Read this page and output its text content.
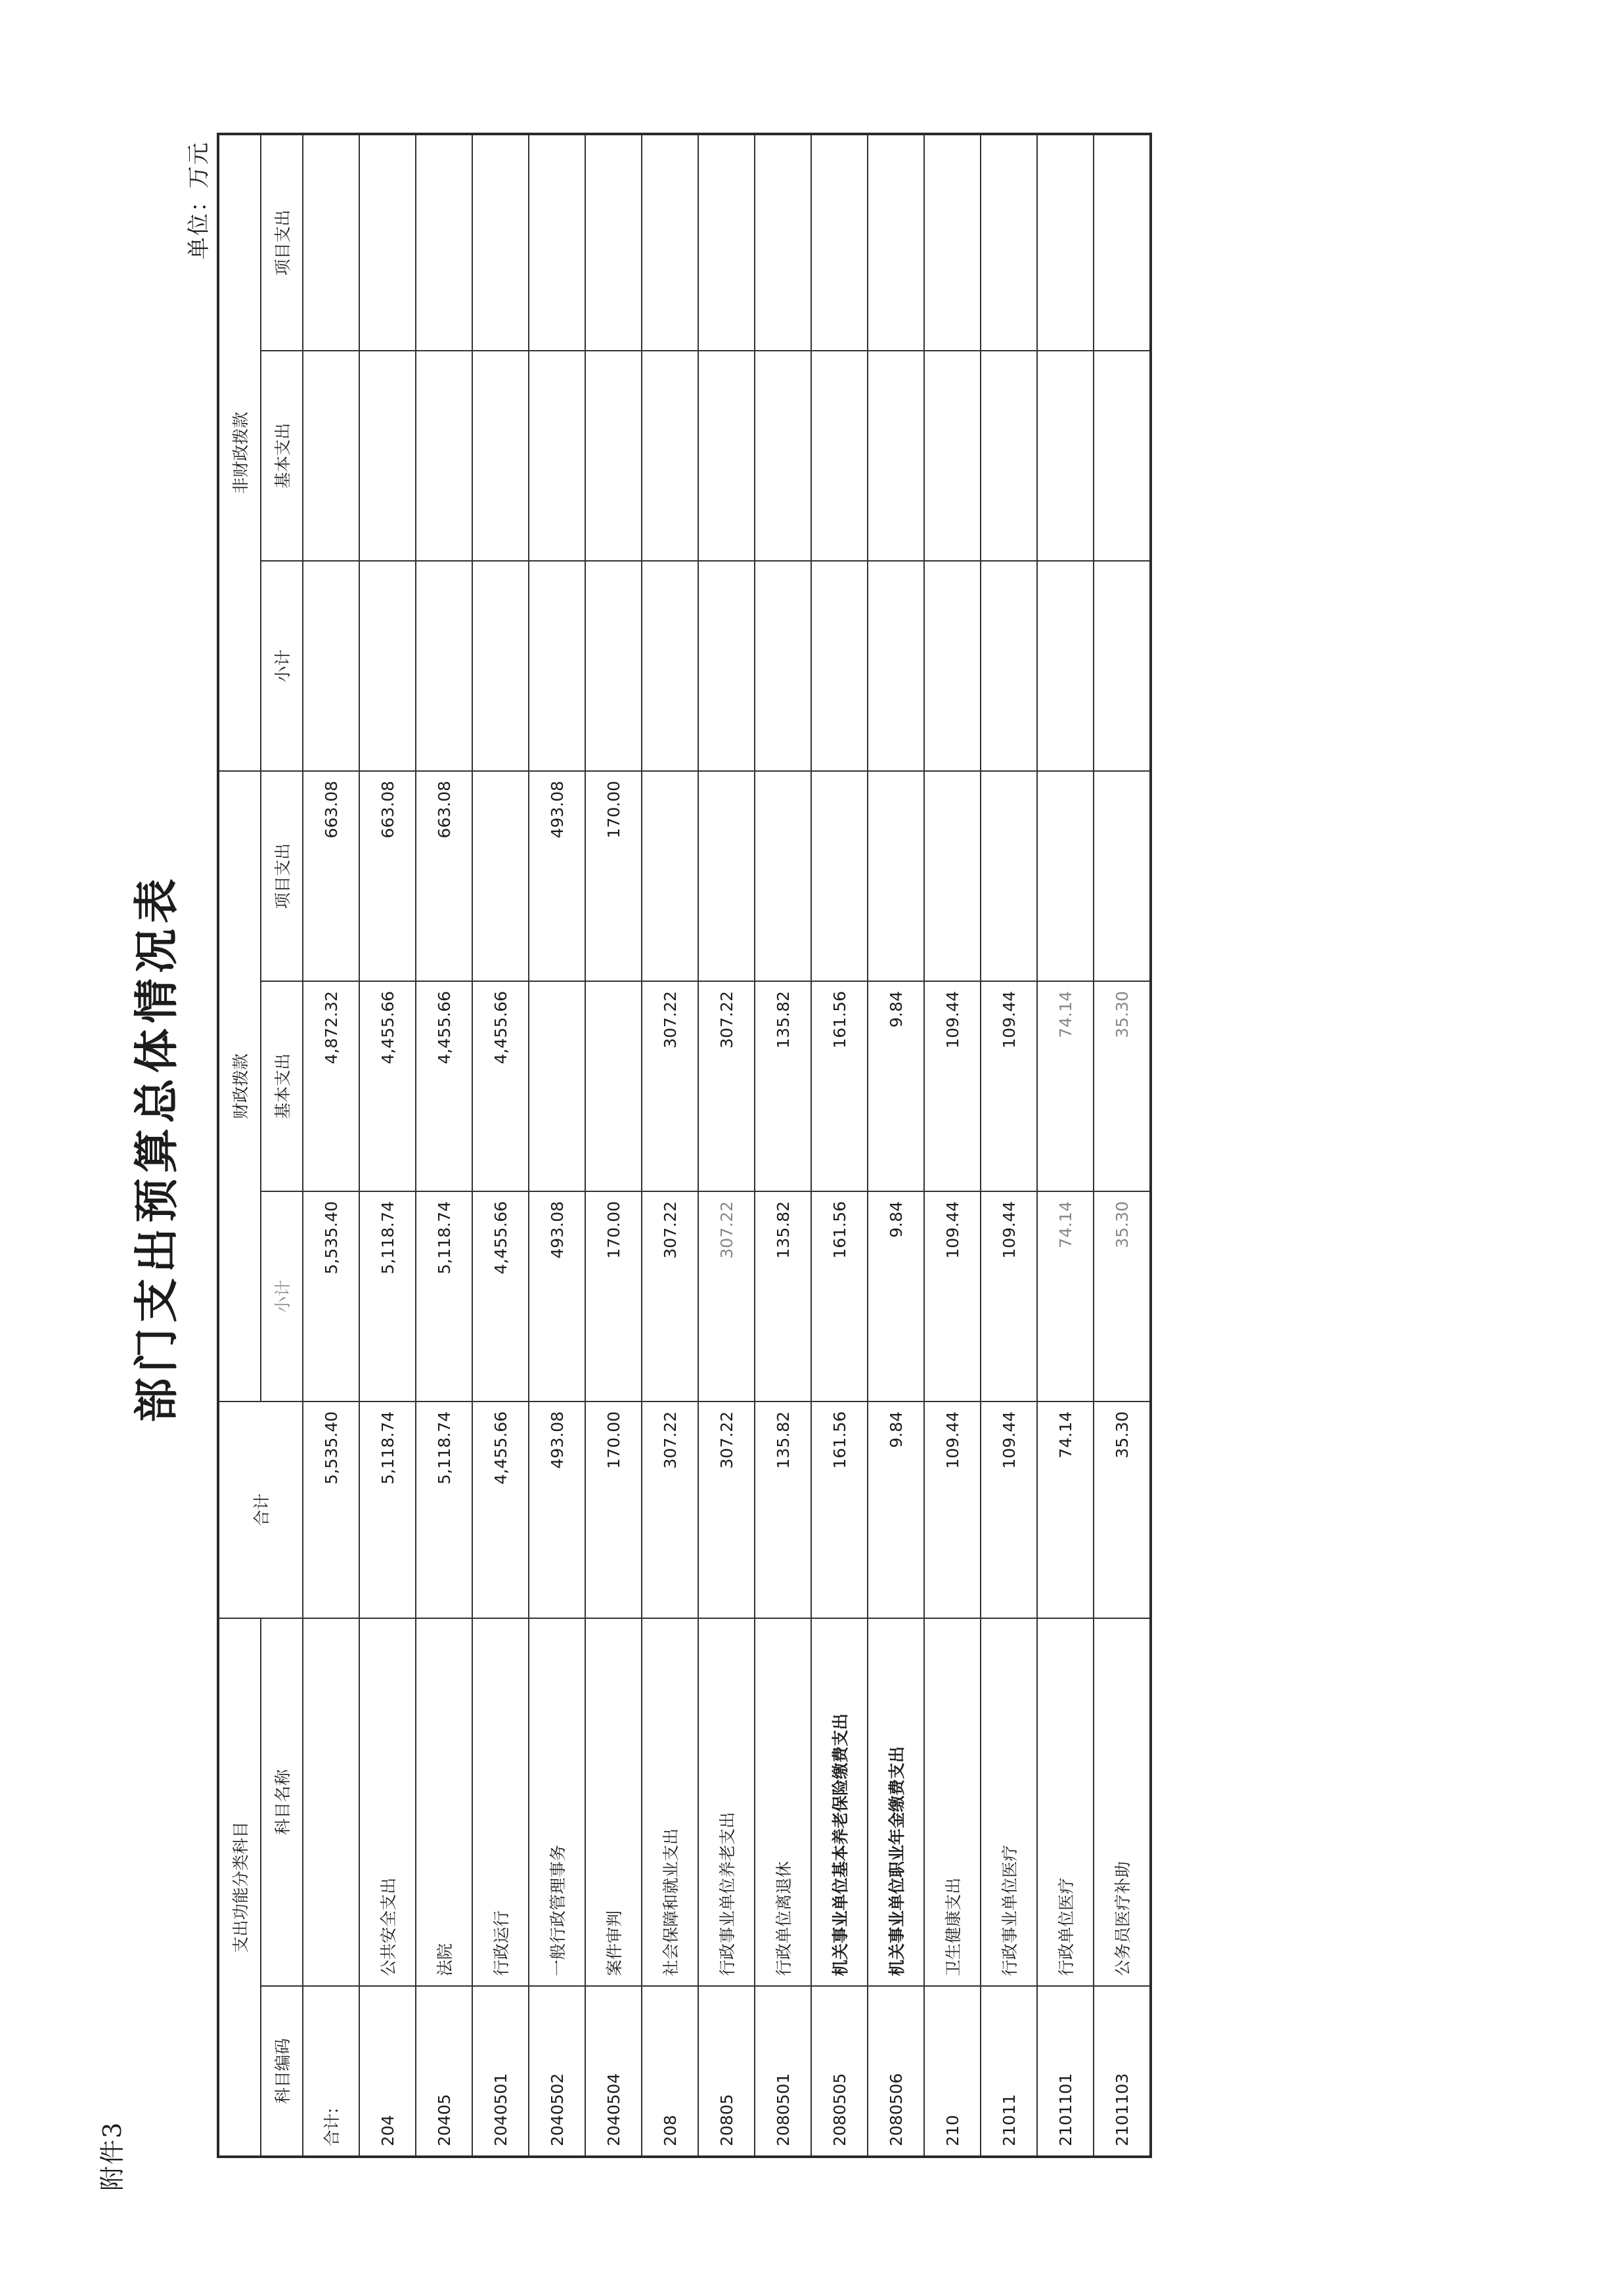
附件3
部门支出预算总体情况表
单位：万元
支出功能分类科目		合计	财政拨款			非财政拨款		
科目编码	科目名称		小计	基本支出	项目支出	小计	基本支出	项目支出

合计:		5,535.40	5,535.40	4,872.32	663.08			
204	公共安全支出	5,118.74	5,118.74	4,455.66	663.08			
20405	法院	5,118.74	5,118.74	4,455.66	663.08			
2040501	行政运行	4,455.66	4,455.66	4,455.66				
2040502	一般行政管理事务	493.08	493.08		493.08			
2040504	案件审判	170.00	170.00		170.00			
208	社会保障和就业支出	307.22	307.22	307.22				
20805	行政事业单位养老支出	307.22	307.22	307.22				
2080501	行政单位离退休	135.82	135.82	135.82				
2080505	机关事业单位基本养老保险缴费支出	161.56	161.56	161.56				
2080506	机关事业单位职业年金缴费支出	9.84	9.84	9.84				
210	卫生健康支出	109.44	109.44	109.44				
21011	行政事业单位医疗	109.44	109.44	109.44				
2101101	行政单位医疗	74.14	74.14	74.14				
2101103	公务员医疗补助	35.30	35.30	35.30				
